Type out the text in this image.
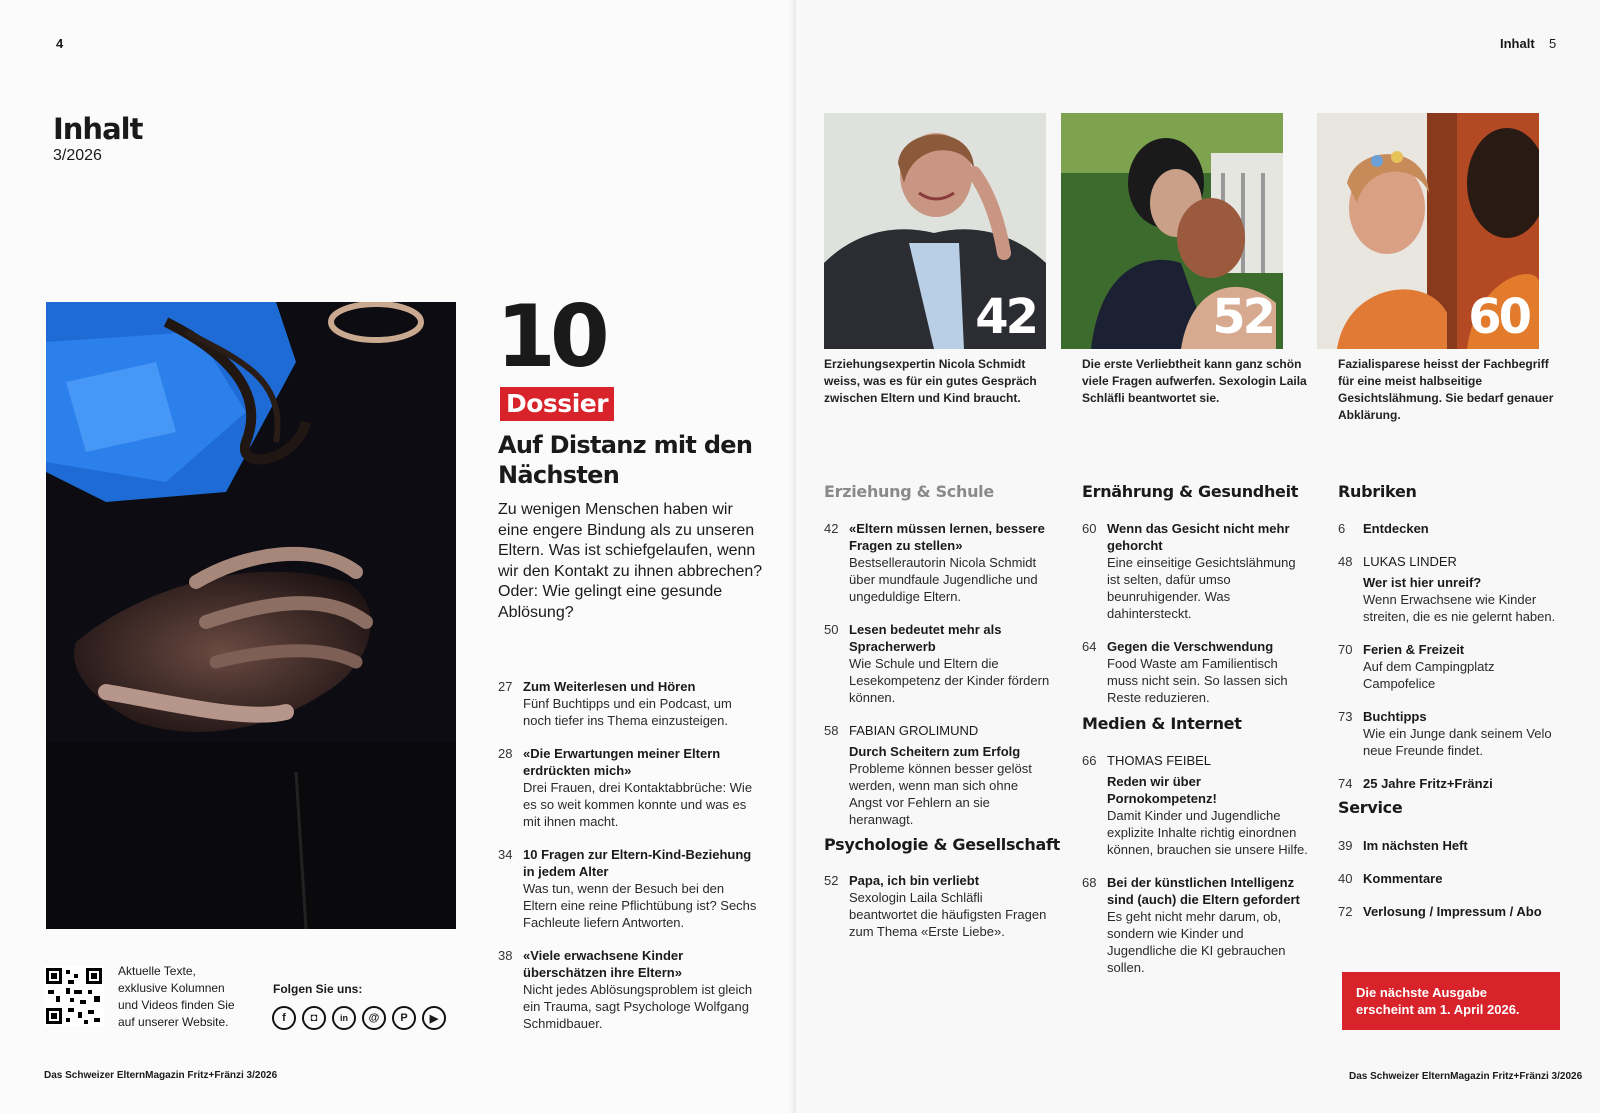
4
Inhalt
3/2026
10
Dossier
Auf Distanz mit den Nächsten
Zu wenigen Menschen haben wir eine engere Bindung als zu unseren Eltern. Was ist schiefgelaufen, wenn wir den Kontakt zu ihnen abbrechen? Oder: Wie gelingt eine gesunde Ablösung?
27 Zum Weiterlesen und Hören
Fünf Buchtipps und ein Podcast, um noch tiefer ins Thema einzusteigen.
28 «Die Erwartungen meiner Eltern erdrückten mich»
Drei Frauen, drei Kontaktabbrüche: Wie es so weit kommen konnte und was es mit ihnen macht.
34 10 Fragen zur Eltern-Kind-Beziehung in jedem Alter
Was tun, wenn der Besuch bei den Eltern eine reine Pflichtübung ist? Sechs Fachleute liefern Antworten.
38 «Viele erwachsene Kinder überschätzen ihre Eltern»
Nicht jedes Ablösungsproblem ist gleich ein Trauma, sagt Psychologe Wolfgang Schmidbauer.
Aktuelle Texte, exklusive Kolumnen und Videos finden Sie auf unserer Website.
Folgen Sie uns:
f	◘	in	@	P	▶
Das Schweizer ElternMagazin Fritz+Fränzi 3/2026
Inhalt 5
42	52	60
Erziehungsexpertin Nicola Schmidt weiss, was es für ein gutes Gespräch zwischen Eltern und Kind braucht.
Die erste Verliebtheit kann ganz schön viele Fragen aufwerfen. Sexologin Laila Schläfli beantwortet sie.
Fazialisparese heisst der Fachbegriff für eine meist halbseitige Gesichtslähmung. Sie bedarf genauer Abklärung.
Erziehung & Schule
42 «Eltern müssen lernen, bessere Fragen zu stellen»
Bestsellerautorin Nicola Schmidt über mundfaule Jugendliche und ungeduldige Eltern.
50 Lesen bedeutet mehr als Spracherwerb
Wie Schule und Eltern die Lesekompetenz der Kinder fördern können.
58 FABIAN GROLIMUND
Durch Scheitern zum Erfolg
Probleme können besser gelöst werden, wenn man sich ohne Angst vor Fehlern an sie heranwagt.
Psychologie & Gesellschaft
52 Papa, ich bin verliebt
Sexologin Laila Schläfli beantwortet die häufigsten Fragen zum Thema «Erste Liebe».
Ernährung & Gesundheit
60 Wenn das Gesicht nicht mehr gehorcht
Eine einseitige Gesichtslähmung ist selten, dafür umso beunruhigender. Was dahintersteckt.
64 Gegen die Verschwendung
Food Waste am Familientisch muss nicht sein. So lassen sich Reste reduzieren.
Medien & Internet
66 THOMAS FEIBEL
Reden wir über Pornokompetenz!
Damit Kinder und Jugendliche explizite Inhalte richtig einordnen können, brauchen sie unsere Hilfe.
68 Bei der künstlichen Intelligenz sind (auch) die Eltern gefordert
Es geht nicht mehr darum, ob, sondern wie Kinder und Jugendliche die KI gebrauchen sollen.
Rubriken
6	Entdecken
48 LUKAS LINDER
Wer ist hier unreif?
Wenn Erwachsene wie Kinder streiten, die es nie gelernt haben.
70 Ferien & Freizeit
Auf dem Campingplatz Campofelice
73 Buchtipps
Wie ein Junge dank seinem Velo neue Freunde findet.
74 25 Jahre Fritz+Fränzi
Service
39 Im nächsten Heft
40 Kommentare
72 Verlosung / Impressum / Abo
Die nächste Ausgabe erscheint am 1. April 2026.
Das Schweizer ElternMagazin Fritz+Fränzi 3/2026
